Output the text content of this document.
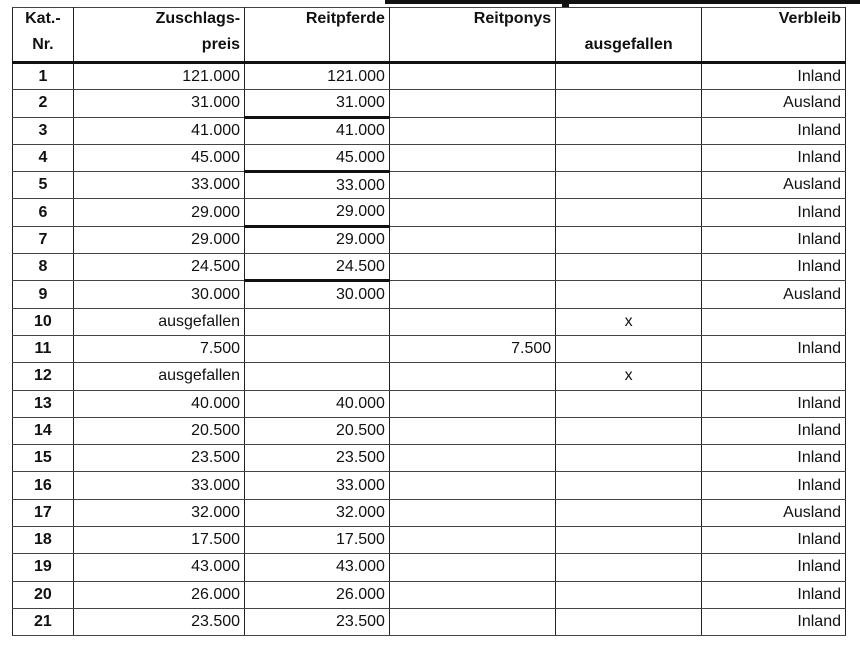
Kat.-	Zuschlags-	Reitpferde	Reitponys		Verbleib
Nr.	preis			ausgefallen	
1	121.000	121.000			Inland
2	31.000	31.000			Ausland
3	41.000	41.000			Inland
4	45.000	45.000			Inland
5	33.000	33.000			Ausland
6	29.000	29.000			Inland
7	29.000	29.000			Inland
8	24.500	24.500			Inland
9	30.000	30.000			Ausland
10	ausgefallen			x	
11	7.500		7.500		Inland
12	ausgefallen			x	
13	40.000	40.000			Inland
14	20.500	20.500			Inland
15	23.500	23.500			Inland
16	33.000	33.000			Inland
17	32.000	32.000			Ausland
18	17.500	17.500			Inland
19	43.000	43.000			Inland
20	26.000	26.000			Inland
21	23.500	23.500			Inland
